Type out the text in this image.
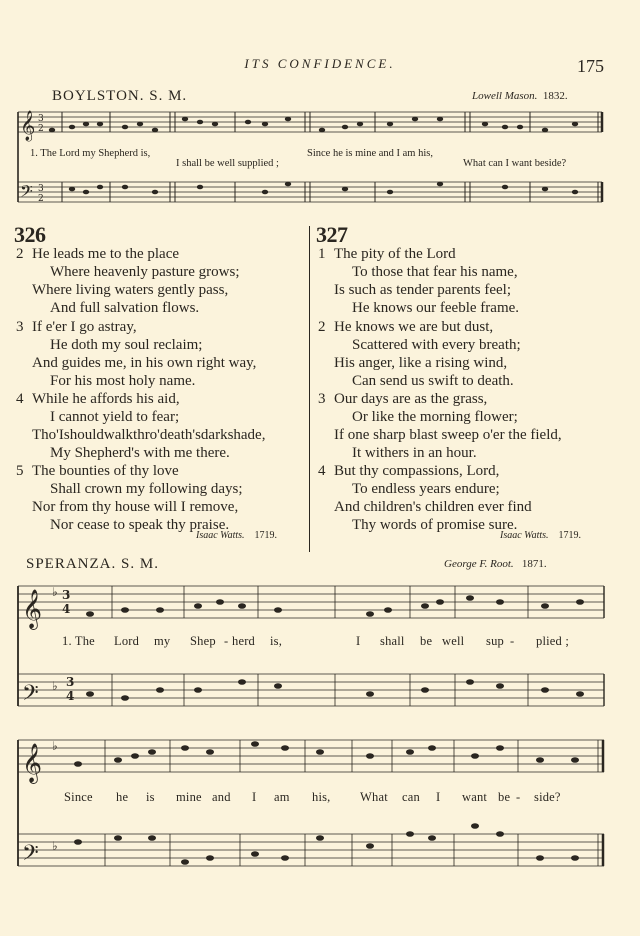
ITS CONFIDENCE.	175
BOYLSTON. S. M.	Lowell Mason. 1832.
𝄞
𝄢
3
2
3
2
𝄞
𝄢
♭
♭
3
4
3
4
𝄞
𝄢
♭
♭
1. The Lord my Shepherd is,
I shall be well supplied ;
Since he is mine and I am his,
What can I want beside?
326
2 He leads me to the place
Where heavenly pasture grows;
Where living waters gently pass,
And full salvation flows.
3 If e'er I go astray,
He doth my soul reclaim;
And guides me, in his own right way,
For his most holy name.
4 While he affords his aid,
I cannot yield to fear;
Tho'Ishouldwalkthro'death'sdarkshade,
My Shepherd's with me there.
5 The bounties of thy love
Shall crown my following days;
Nor from thy house will I remove,
Nor cease to speak thy praise.
Isaac Watts. 1719.
327
1 The pity of the Lord
To those that fear his name,
Is such as tender parents feel;
He knows our feeble frame.
2 He knows we are but dust,
Scattered with every breath;
His anger, like a rising wind,
Can send us swift to death.
3 Our days are as the grass,
Or like the morning flower;
If one sharp blast sweep o'er the field,
It withers in an hour.
4 But thy compassions, Lord,
To endless years endure;
And children's children ever find
Thy words of promise sure.
Isaac Watts. 1719.
SPERANZA. S. M.	George F. Root. 1871.
1. The Lord my Shep - herd is,	I shall be well sup - plied ;
Since he is mine and I am his, What can I want be - side?
